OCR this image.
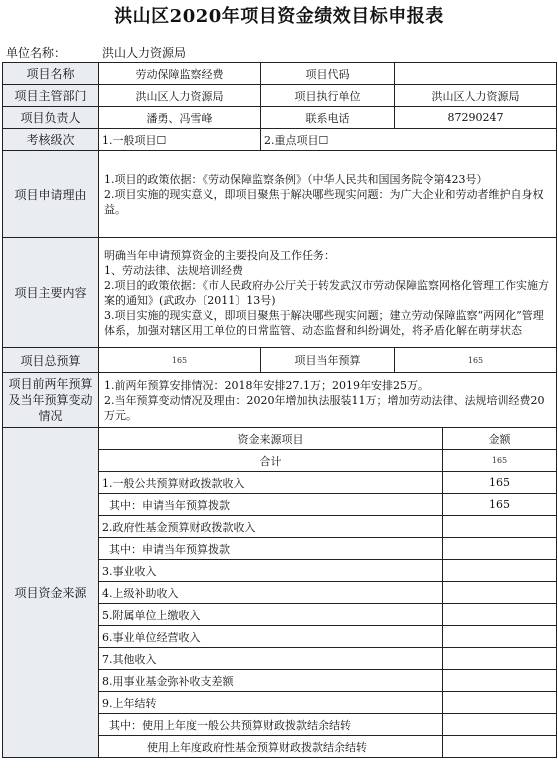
洪山区2020年项目资金绩效目标申报表
单位名称：	洪山人力资源局
项目名称	劳动保障监察经费	项目代码		
项目主管部门	洪山区人力资源局	项目执行单位	洪山区人力资源局	
项目负责人	潘勇、冯雪峰	联系电话	87290247	
考核级次	1.一般项目☐	2.重点项目☐		
项目申请理由	1.项目的政策依据：《劳动保障监察条例》（中华人民共和国国务院令第423号）

2.项目实施的现实意义，即项目聚焦于解决哪些现实问题：为广大企业和劳动者维护自身权益。			

项目主要内容	明确当年申请预算资金的主要投向及工作任务：

1、劳动法律、法规培训经费

2.项目的政策依据：《市人民政府办公厅关于转发武汉市劳动保障监察网格化管理工作实施方案的通知》(武政办〔2011〕13号)

3.项目实施的现实意义，即项目聚焦于解决哪些现实问题；建立劳动保障监察“两网化”管理体系，加强对辖区用工单位的日常监管、动态监督和纠纷调处，将矛盾化解在萌芽状态			

项目总预算	165	项目当年预算	165	
项目前两年预算及当年预算变动情况	1.前两年预算安排情况：2018年安排27.1万；2019年安排25万。

2.当年预算变动情况及理由：2020年增加执法服装11万；增加劳动法律、法规培训经费20万元。			

项目资金来源	资金来源项目			金额
	合计			165
	1.一般公共预算财政拨款收入			165
	其中：申请当年预算拨款			165
	2.政府性基金预算财政拨款收入			
	其中：申请当年预算拨款			
	3.事业收入			
	4.上级补助收入			
	5.附属单位上缴收入			
	6.事业单位经营收入			
	7.其他收入			
	8.用事业基金弥补收支差额			
	9.上年结转			
	其中：使用上年度一般公共预算财政拨款结余结转			
	使用上年度政府性基金预算财政拨款结余结转			
